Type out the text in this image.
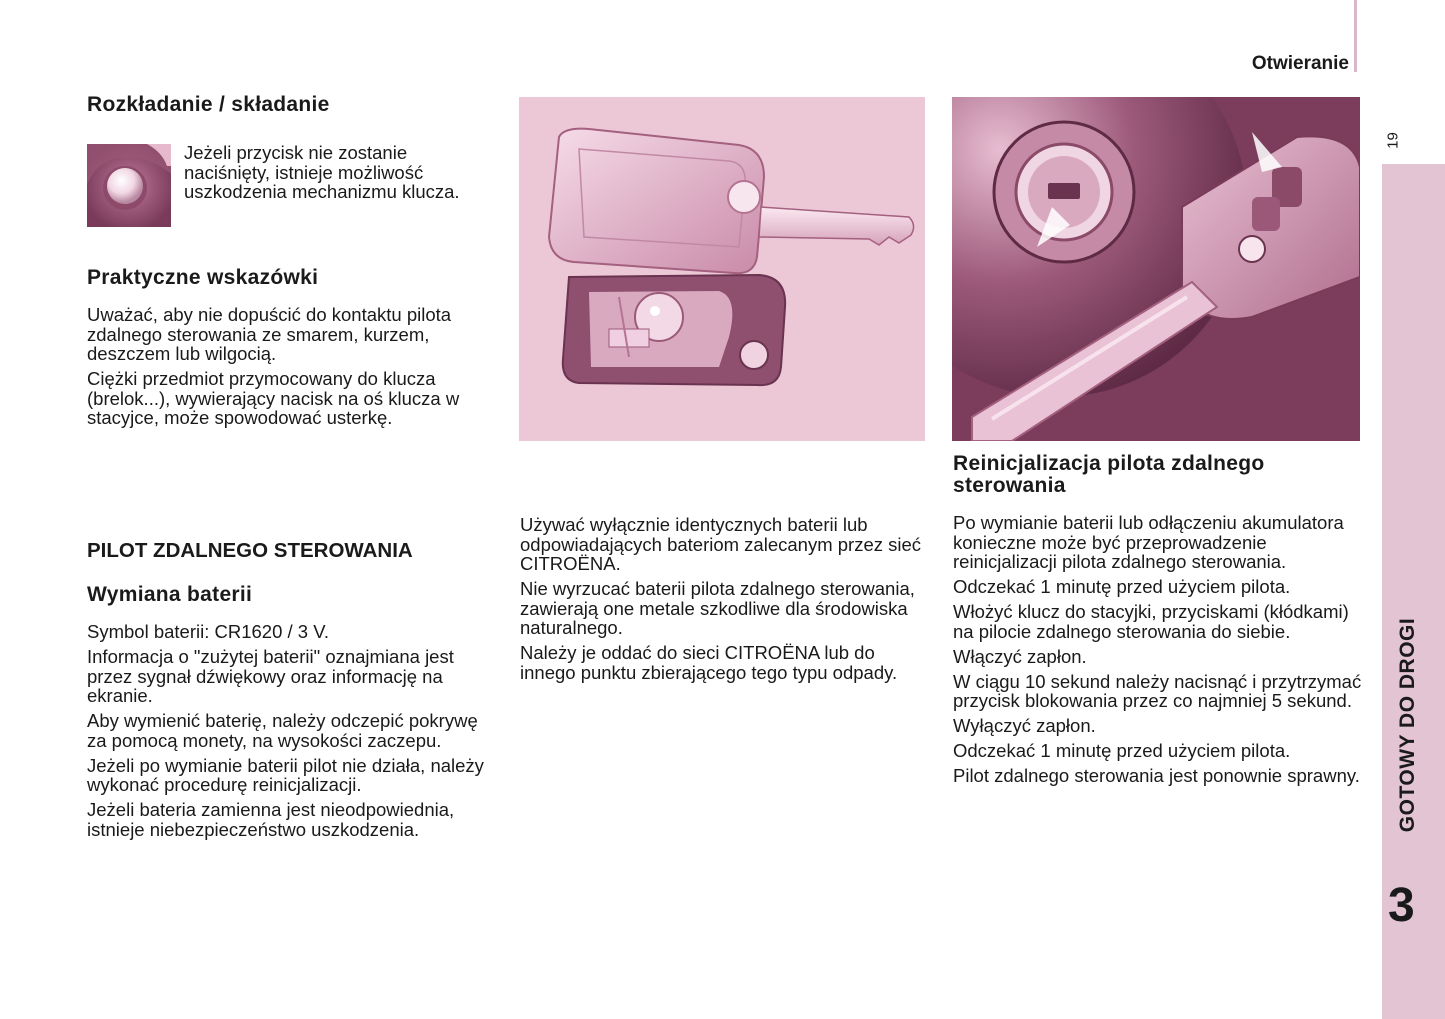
Otwieranie
19
GOTOWY DO DROGI
3
Rozkładanie / składanie
Jeżeli przycisk nie zostanie naciśnięty, istnieje możliwość uszkodzenia mechanizmu klucza.
Praktyczne wskazówki

Uważać, aby nie dopuścić do kontaktu pilota zdalnego sterowania ze smarem, kurzem, deszczem lub wilgocią.

Ciężki przedmiot przymocowany do klucza (brelok...), wywierający nacisk na oś klucza w stacyjce, może spowodować usterkę.

PILOT ZDALNEGO STEROWANIA
Wymiana baterii

Symbol baterii: CR1620 / 3 V.

Informacja o "zużytej baterii" oznajmiana jest przez sygnał dźwiękowy oraz informację na ekranie.

Aby wymienić baterię, należy odczepić pokrywę za pomocą monety, na wysokości zaczepu.

Jeżeli po wymianie baterii pilot nie działa, należy wykonać procedurę reinicjalizacji.

Jeżeli bateria zamienna jest nieodpowiednia, istnieje niebezpieczeństwo uszkodzenia.

Używać wyłącznie identycznych baterii lub odpowiadających bateriom zalecanym przez sieć CITROËNA.

Nie wyrzucać baterii pilota zdalnego sterowania, zawierają one metale szkodliwe dla środowiska naturalnego.

Należy je oddać do sieci CITROËNA lub do innego punktu zbierającego tego typu odpady.

Reinicjalizacja pilota zdalnego sterowania

Po wymianie baterii lub odłączeniu akumulatora konieczne może być przeprowadzenie reinicjalizacji pilota zdalnego sterowania.

Odczekać 1 minutę przed użyciem pilota.

Włożyć klucz do stacyjki, przyciskami (kłódkami) na pilocie zdalnego sterowania do siebie.

Włączyć zapłon.

W ciągu 10 sekund należy nacisnąć i przytrzymać przycisk blokowania przez co najmniej 5 sekund.

Wyłączyć zapłon.

Odczekać 1 minutę przed użyciem pilota.

Pilot zdalnego sterowania jest ponownie sprawny.
